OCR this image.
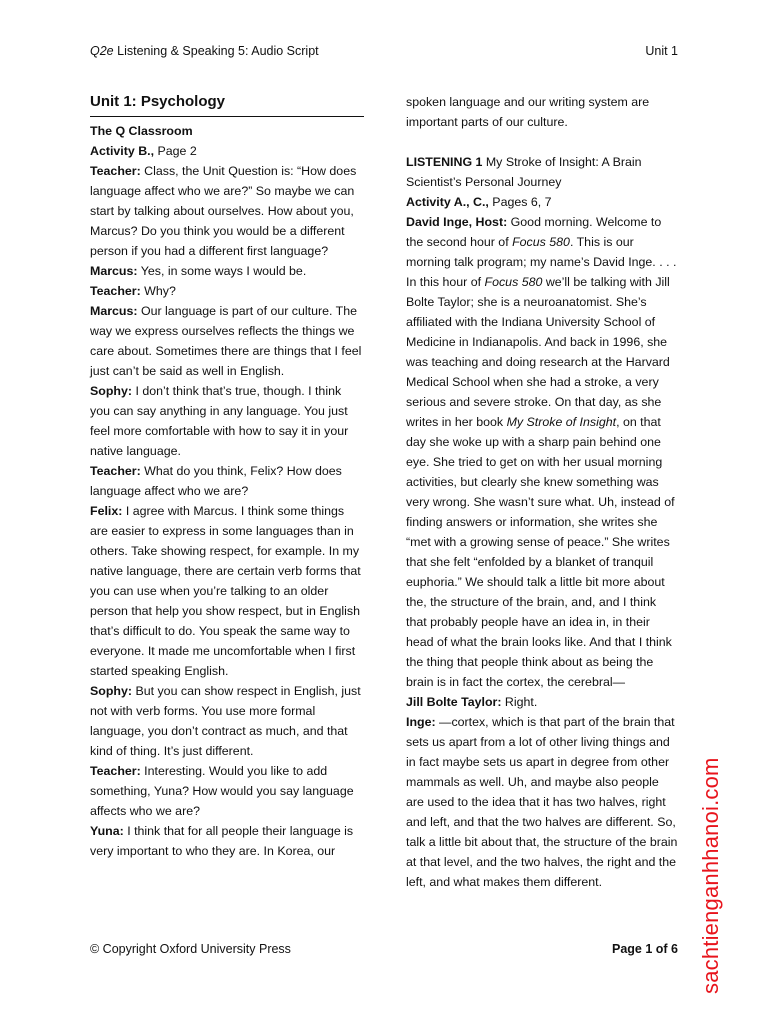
Q2e Listening & Speaking 5: Audio Script	Unit 1
Unit 1: Psychology

The Q Classroom

Activity B., Page 2

Teacher: Class, the Unit Question is: “How does language affect who we are?” So maybe we can start by talking about ourselves. How about you, Marcus? Do you think you would be a different person if you had a different first language?

Marcus: Yes, in some ways I would be.

Teacher: Why?

Marcus: Our language is part of our culture. The way we express ourselves reflects the things we care about. Sometimes there are things that I feel just can’t be said as well in English.

Sophy: I don’t think that’s true, though. I think you can say anything in any language. You just feel more comfortable with how to say it in your native language.

Teacher: What do you think, Felix? How does language affect who we are?

Felix: I agree with Marcus. I think some things are easier to express in some languages than in others. Take showing respect, for example. In my native language, there are certain verb forms that you can use when you’re talking to an older person that help you show respect, but in English that’s difficult to do. You speak the same way to everyone. It made me uncomfortable when I first started speaking English.

Sophy: But you can show respect in English, just not with verb forms. You use more formal language, you don’t contract as much, and that kind of thing. It’s just different.

Teacher: Interesting. Would you like to add something, Yuna? How would you say language affects who we are?

Yuna: I think that for all people their language is very important to who they are. In Korea, our

spoken language and our writing system are important parts of our culture.

LISTENING 1 My Stroke of Insight: A Brain Scientist’s Personal Journey

Activity A., C., Pages 6, 7

David Inge, Host: Good morning. Welcome to the second hour of Focus 580. This is our morning talk program; my name’s David Inge. . . . In this hour of Focus 580 we’ll be talking with Jill Bolte Taylor; she is a neuroanatomist. She’s affiliated with the Indiana University School of Medicine in Indianapolis. And back in 1996, she was teaching and doing research at the Harvard Medical School when she had a stroke, a very serious and severe stroke. On that day, as she writes in her book My Stroke of Insight, on that day she woke up with a sharp pain behind one eye. She tried to get on with her usual morning activities, but clearly she knew something was very wrong. She wasn’t sure what. Uh, instead of finding answers or information, she writes she “met with a growing sense of peace.” She writes that she felt “enfolded by a blanket of tranquil euphoria.” We should talk a little bit more about the, the structure of the brain, and, and I think that probably people have an idea in, in their head of what the brain looks like. And that I think the thing that people think about as being the brain is in fact the cortex, the cerebral—

Jill Bolte Taylor: Right.

Inge: —cortex, which is that part of the brain that sets us apart from a lot of other living things and in fact maybe sets us apart in degree from other mammals as well. Uh, and maybe also people are used to the idea that it has two halves, right and left, and that the two halves are different. So, talk a little bit about that, the structure of the brain at that level, and the two halves, the right and the left, and what makes them different.

© Copyright Oxford University Press	Page 1 of 6 sachtienganhhanoi.com
